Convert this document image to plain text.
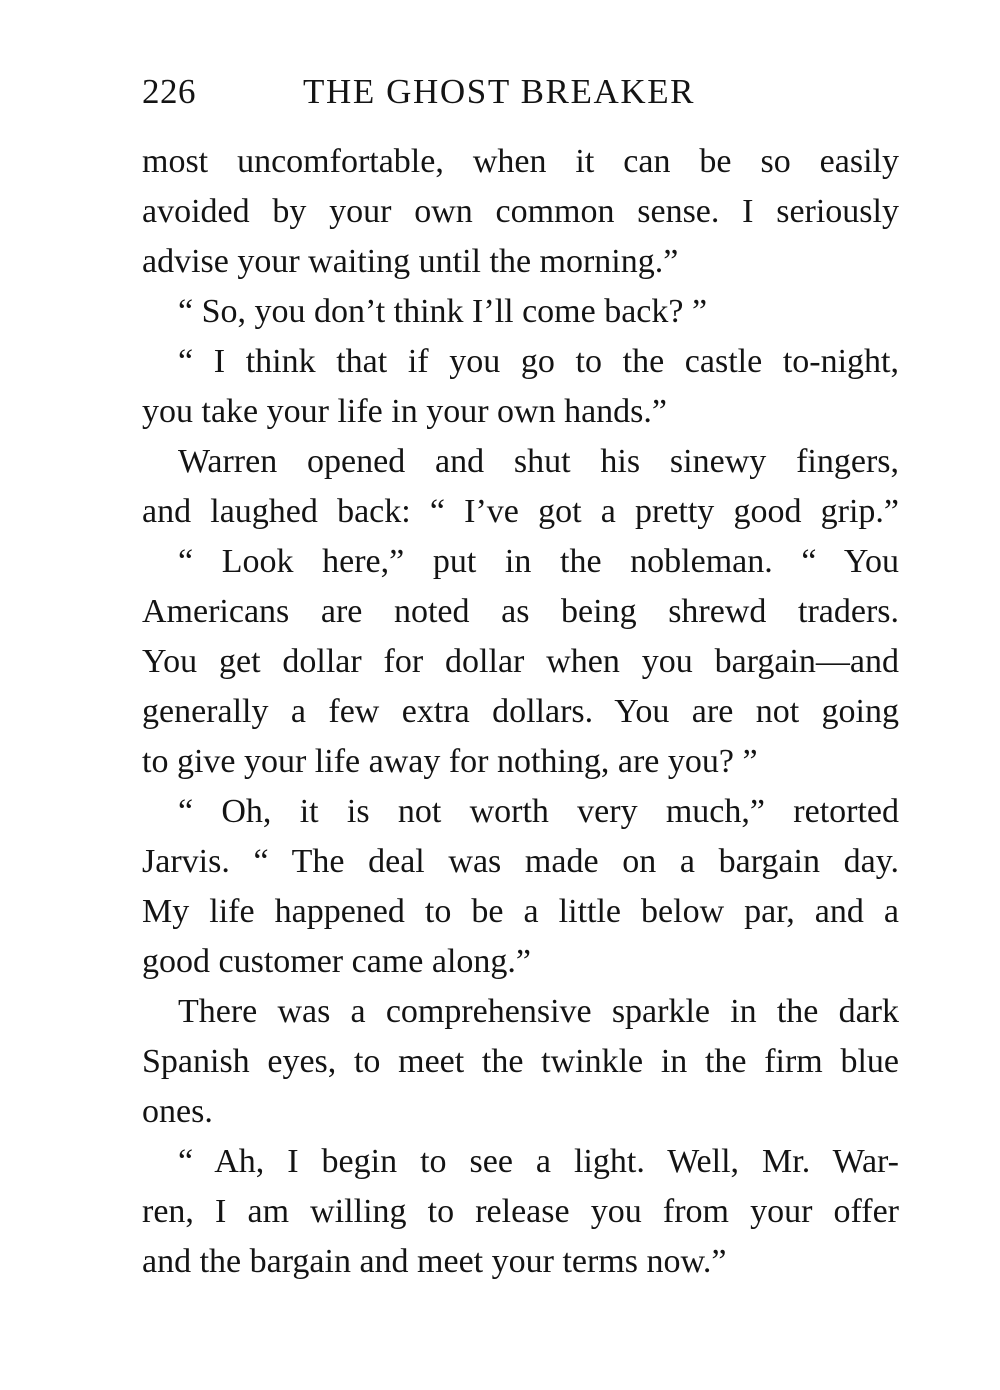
226	THE GHOST BREAKER
most uncomfortable, when it can be so easily
avoided by your own common sense. I seriously
advise your waiting until the morning.”
“ So, you don’t think I’ll come back? ”
“ I think that if you go to the castle to-night,
you take your life in your own hands.”
Warren opened and shut his sinewy fingers,
and laughed back: “ I’ve got a pretty good grip.”
“ Look here,” put in the nobleman. “ You
Americans are noted as being shrewd traders.
You get dollar for dollar when you bargain—and
generally a few extra dollars. You are not going
to give your life away for nothing, are you? ”
“ Oh, it is not worth very much,” retorted
Jarvis. “ The deal was made on a bargain day.
My life happened to be a little below par, and a
good customer came along.”
There was a comprehensive sparkle in the dark
Spanish eyes, to meet the twinkle in the firm blue
ones.
“ Ah, I begin to see a light. Well, Mr. War-
ren, I am willing to release you from your offer
and the bargain and meet your terms now.”
